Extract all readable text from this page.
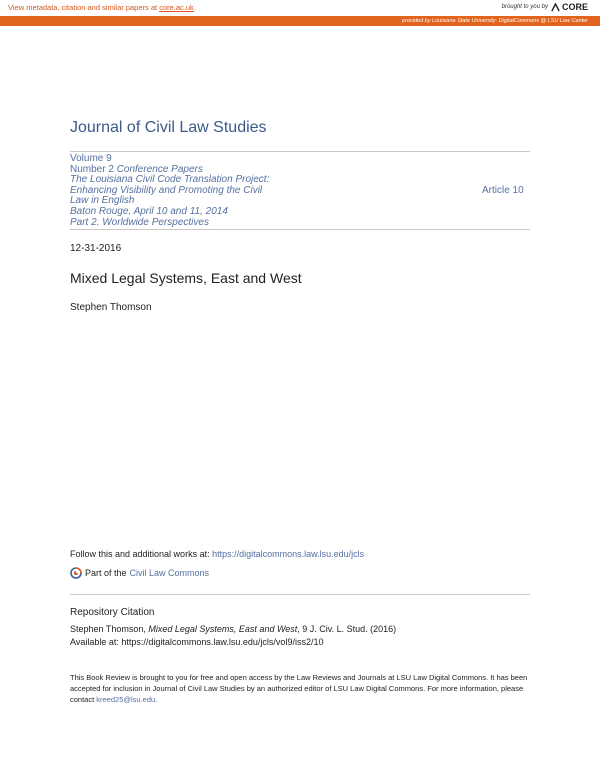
View metadata, citation and similar papers at core.ac.uk	brought to you by CORE
provided by Louisiana State University: DigitalCommons @ LSU Law Center
Journal of Civil Law Studies
Volume 9
Number 2 Conference Papers
The Louisiana Civil Code Translation Project:
Enhancing Visibility and Promoting the Civil
Law in English
Baton Rouge, April 10 and 11, 2014
Part 2. Worldwide Perspectives
Article 10
12-31-2016
Mixed Legal Systems, East and West
Stephen Thomson
Follow this and additional works at: https://digitalcommons.law.lsu.edu/jcls
Part of the Civil Law Commons
Repository Citation
Stephen Thomson, Mixed Legal Systems, East and West, 9 J. Civ. L. Stud. (2016)
Available at: https://digitalcommons.law.lsu.edu/jcls/vol9/iss2/10
This Book Review is brought to you for free and open access by the Law Reviews and Journals at LSU Law Digital Commons. It has been accepted for inclusion in Journal of Civil Law Studies by an authorized editor of LSU Law Digital Commons. For more information, please contact kreed25@lsu.edu.
